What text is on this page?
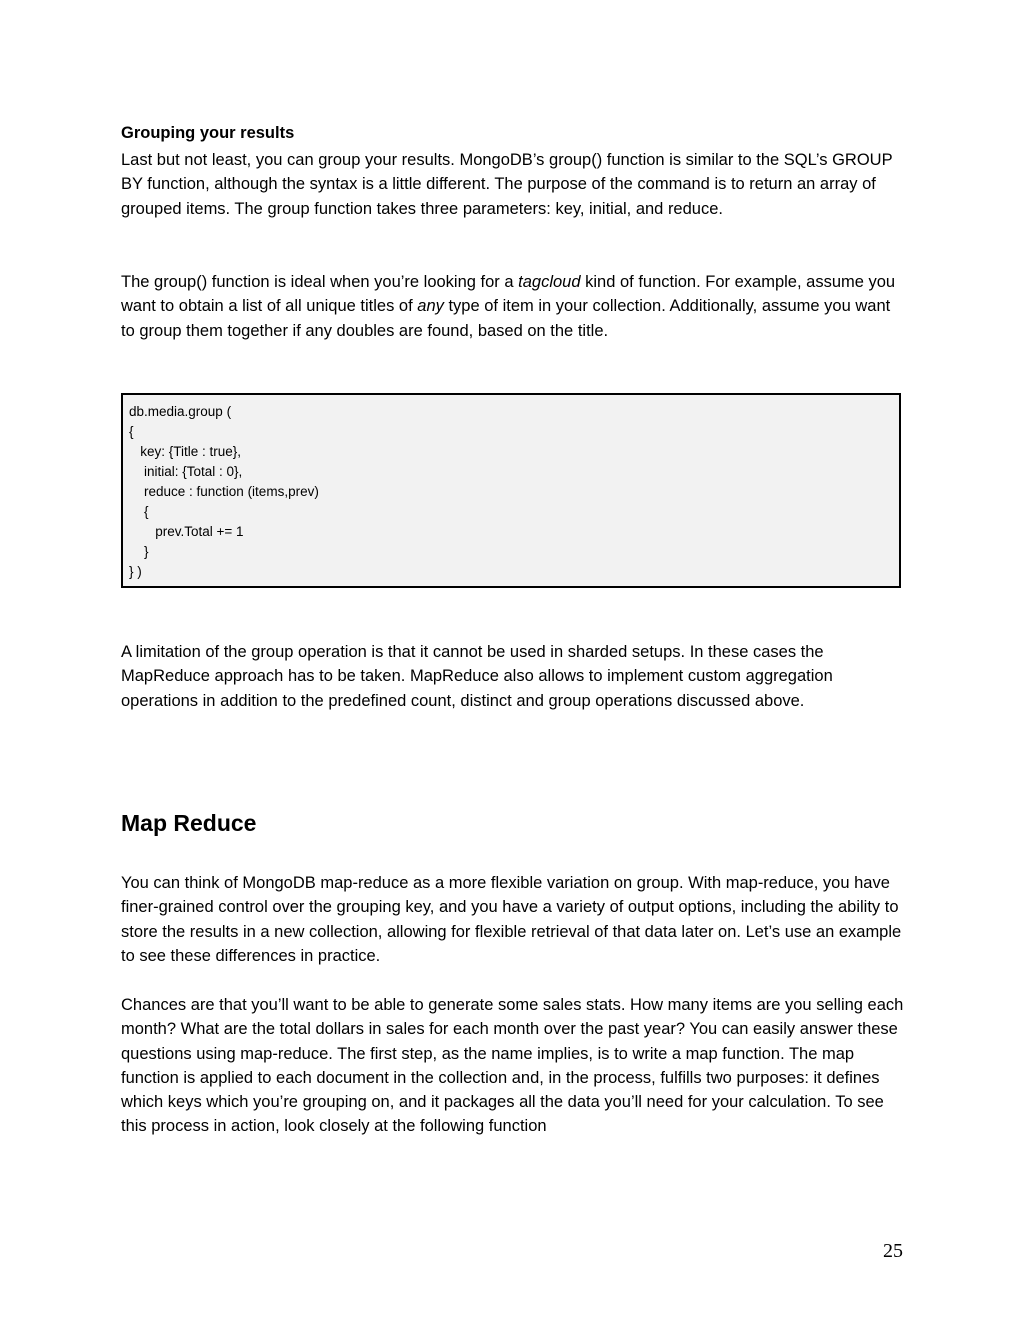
Grouping your results

Last but not least, you can group your results. MongoDB’s group() function is similar to the SQL’s GROUP BY function, although the syntax is a little different. The purpose of the command is to return an array of grouped items. The group function takes three parameters: key, initial, and reduce.

The group() function is ideal when you’re looking for a tagcloud kind of function. For example, assume you want to obtain a list of all unique titles of any type of item in your collection. Additionally, assume you want to group them together if any doubles are found, based on the title.

db.media.group (
{
key: {Title : true},
initial: {Total : 0},
reduce : function (items,prev)
{
prev.Total += 1
}
} )

A limitation of the group operation is that it cannot be used in sharded setups. In these cases the MapReduce approach has to be taken. MapReduce also allows to implement custom aggregation operations in addition to the predefined count, distinct and group operations discussed above.

Map Reduce

You can think of MongoDB map-reduce as a more flexible variation on group. With map-reduce, you have finer-grained control over the grouping key, and you have a variety of output options, including the ability to store the results in a new collection, allowing for flexible retrieval of that data later on. Let’s use an example to see these differences in practice.

Chances are that you’ll want to be able to generate some sales stats. How many items are you selling each month? What are the total dollars in sales for each month over the past year? You can easily answer these questions using map-reduce. The first step, as the name implies, is to write a map function. The map function is applied to each document in the collection and, in the process, fulfills two purposes: it defines which keys which you’re grouping on, and it packages all the data you’ll need for your calculation. To see this process in action, look closely at the following function

25
